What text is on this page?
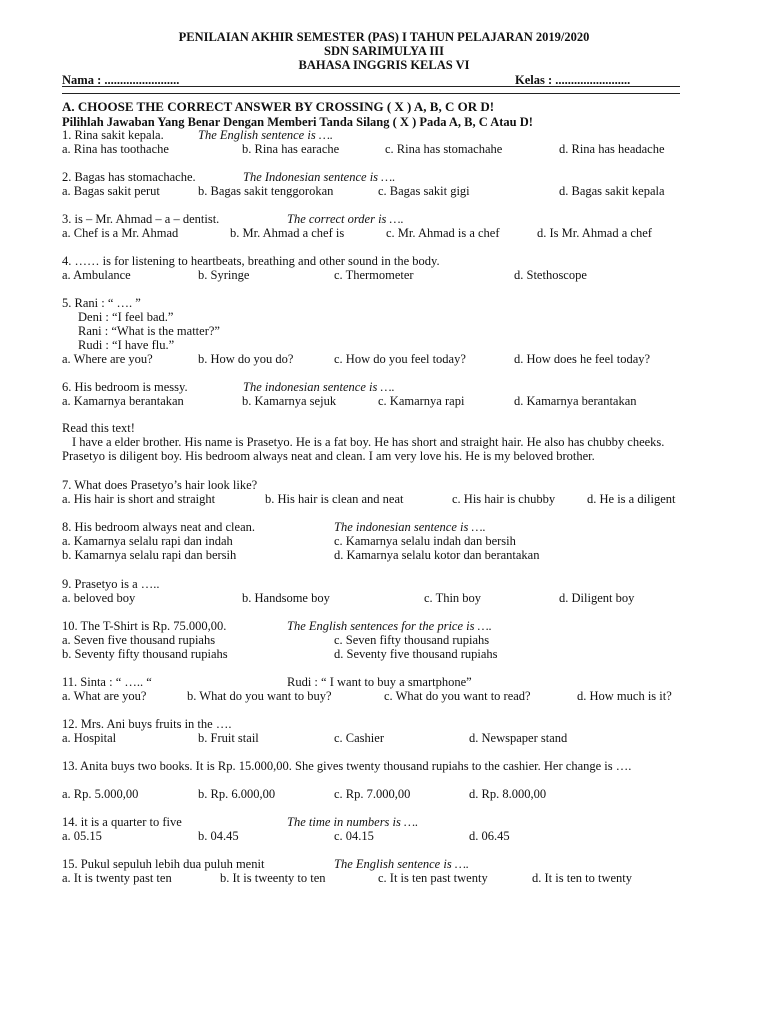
PENILAIAN AKHIR SEMESTER (PAS) I TAHUN PELAJARAN 2019/2020
SDN SARIMULYA III
BAHASA INGGRIS KELAS VI
Nama : ........................	Kelas : ........................
A. CHOOSE THE CORRECT ANSWER BY CROSSING ( X ) A, B, C OR D!
Pilihlah Jawaban Yang Benar Dengan Memberi Tanda Silang ( X ) Pada A, B, C Atau D!
1. Rina sakit kepala.	The English sentence is ….
a. Rina has toothache	b. Rina has earache	c. Rina has stomachahe	d. Rina has headache
2. Bagas has stomachache.	The Indonesian sentence is ….
a. Bagas sakit perut	b. Bagas sakit tenggorokan	c. Bagas sakit gigi	d. Bagas sakit kepala
3. is – Mr. Ahmad – a – dentist.	The correct order is ….
a. Chef is a Mr. Ahmad	b. Mr. Ahmad a chef is	c. Mr. Ahmad is a chef	d. Is Mr. Ahmad a chef
4. …… is for listening to heartbeats, breathing and other sound in the body.
a. Ambulance	b. Syringe	c. Thermometer	d. Stethoscope
5. Rani : “ …. ”
Deni : “I feel bad.”
Rani : “What is the matter?”
Rudi : “I have flu.”
a. Where are you?	b. How do you do?	c. How do you feel today?	d. How does he feel today?
6. His bedroom is messy.	The indonesian sentence is ….
a. Kamarnya berantakan	b. Kamarnya sejuk	c. Kamarnya rapi	d. Kamarnya berantakan
Read this text!
I have a elder brother. His name is Prasetyo. He is a fat boy. He has short and straight hair. He also has chubby cheeks. Prasetyo is diligent boy. His bedroom always neat and clean. I am very love his. He is my beloved brother.
7. What does Prasetyo’s hair look like?
a. His hair is short and straight	b. His hair is clean and neat	c. His hair is chubby	d. He is a diligent
8. His bedroom always neat and clean.	The indonesian sentence is ….
a. Kamarnya selalu rapi dan indah	c. Kamarnya selalu indah dan bersih
b. Kamarnya selalu rapi dan bersih	d. Kamarnya selalu kotor dan berantakan
9. Prasetyo is a …..
a. beloved boy	b. Handsome boy	c. Thin boy	d. Diligent boy
10. The T-Shirt is Rp. 75.000,00.	The English sentences for the price is ….
a. Seven five thousand rupiahs	c. Seven fifty thousand rupiahs
b. Seventy fifty thousand rupiahs	d. Seventy five thousand rupiahs
11. Sinta : “ ….. “	Rudi : “ I want to buy a smartphone”
a. What are you?	b. What do you want to buy?	c. What do you want to read?	d. How much is it?
12. Mrs. Ani buys fruits in the ….
a. Hospital	b. Fruit stail	c. Cashier	d. Newspaper stand
13. Anita buys two books. It is Rp. 15.000,00. She gives twenty thousand rupiahs to the cashier. Her change is ….
a. Rp. 5.000,00	b. Rp. 6.000,00	c. Rp. 7.000,00	d. Rp. 8.000,00
14. it is a quarter to five	The time in numbers is ….
a. 05.15	b. 04.45	c. 04.15	d. 06.45
15. Pukul sepuluh lebih dua puluh menit	The English sentence is ….
a. It is twenty past ten	b. It is tweenty to ten	c. It is ten past twenty	d. It is ten to twenty
